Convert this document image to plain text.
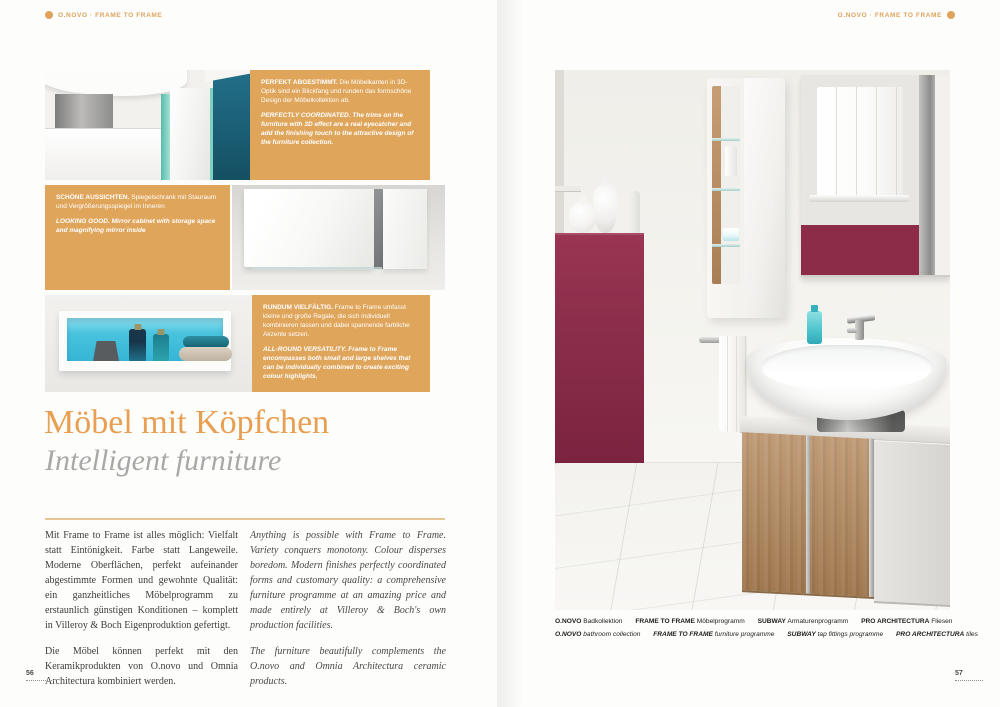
O.NOVO · FRAME TO FRAME	O.NOVO · FRAME TO FRAME

PERFEKT ABGESTIMMT. Die Möbelkanten in 3D-Optik sind ein Blickfang und runden das formschöne Design der Möbelkollektion ab.

PERFECTLY COORDINATED. The trims on the furniture with 3D effect are a real eyecatcher and add the finishing touch to the attractive design of the furniture collection.

SCHÖNE AUSSICHTEN. Spiegelschrank mit Stauraum und Vergrößerungsspiegel im Inneren

LOOKING GOOD. Mirror cabinet with storage space and magnifying mirror inside

RUNDUM VIELFÄLTIG. Frame to Frame umfasst kleine und große Regale, die sich individuell kombinieren lassen und dabei spannende farbliche Akzente setzen.

ALL-ROUND VERSATILITY. Frame to Frame encompasses both small and large shelves that can be individually combined to create exciting colour highlights.

Möbel mit Köpfchen
Intelligent furniture

Mit Frame to Frame ist alles möglich: Vielfalt statt Eintönigkeit. Farbe statt Langeweile. Moderne Oberflächen, perfekt aufeinander abgestimmte Formen und gewohnte Qualität: ein ganzheitliches Möbelprogramm zu erstaunlich günstigen Konditionen – komplett in Villeroy & Boch Eigenproduktion gefertigt.

Die Möbel können perfekt mit den Keramikprodukten von O.novo und Omnia Architectura kombiniert werden.

Anything is possible with Frame to Frame. Variety conquers monotony. Colour disperses boredom. Modern finishes perfectly coordinated forms and customary quality: a comprehensive furniture programme at an amazing price and made entirely at Villeroy & Boch's own production facilities.

The furniture beautifully complements the O.novo and Omnia Architectura ceramic products.

O.NOVO Badkollektion FRAME TO FRAME Möbelprogramm SUBWAY Armaturenprogramm PRO ARCHITECTURA Fliesen
O.NOVO bathroom collection FRAME TO FRAME furniture programme SUBWAY tap fittings programme PRO ARCHITECTURA tiles
56	57
